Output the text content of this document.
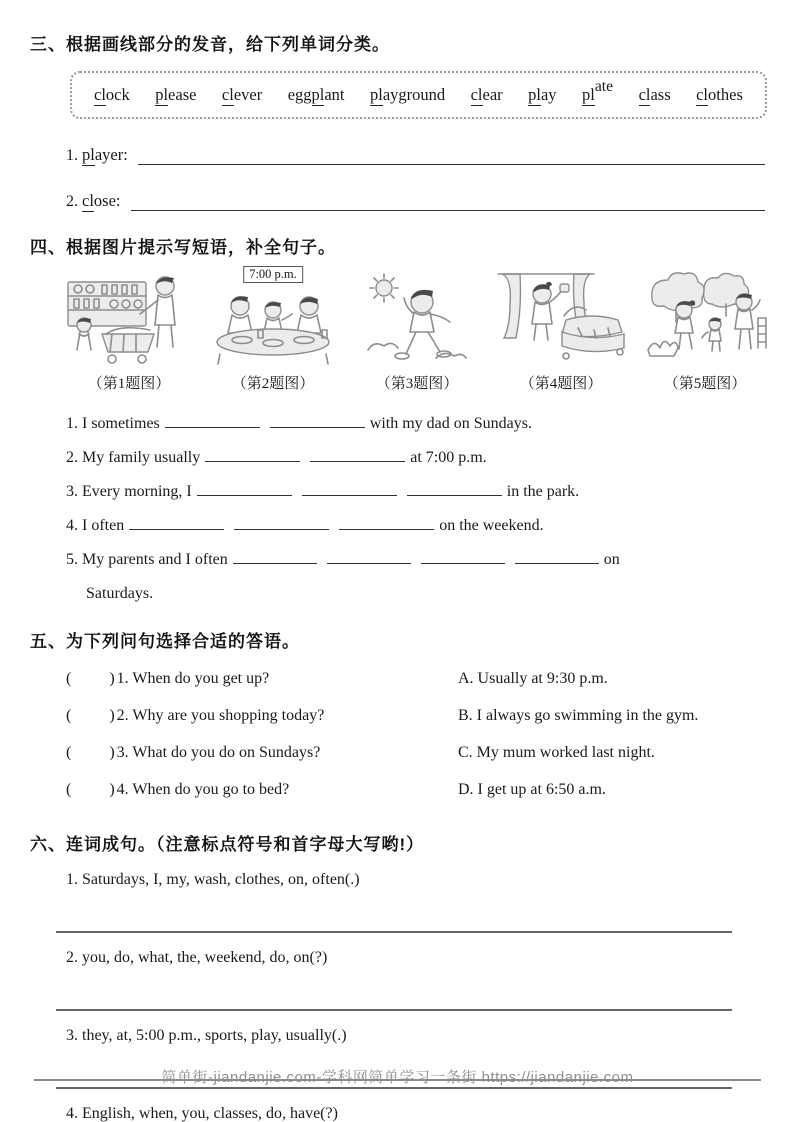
三、根据画线部分的发音，给下列单词分类。
clock please clever eggplant playground clear play plate class clothes
1. player:
2. close:
四、根据图片提示写短语，补全句子。
（第1题图）
7:00 p.m.
（第2题图）	（第3题图）	（第4题图）	（第5题图）
1. I sometimes	with my dad on Sundays.
2. My family usually	at 7:00 p.m.
3. Every morning, I	in the park.
4. I often	on the weekend.
5. My parents and I often	on
Saturdays.
五、为下列问句选择合适的答语。
(   )1. When do you get up?	A. Usually at 9:30 p.m.
(   )2. Why are you shopping today?	B. I always go swimming in the gym.
(   )3. What do you do on Sundays?	C. My mum worked last night.
(   )4. When do you go to bed?	D. I get up at 6:50 a.m.
六、连词成句。（注意标点符号和首字母大写哟!）
1. Saturdays, I, my, wash, clothes, on, often(.)
2. you, do, what, the, weekend, do, on(?)
3. they, at, 5:00 p.m., sports, play, usually(.)
4. English, when, you, classes, do, have(?)
简单街-jiandanjie.com-学科网简单学习一条街 https://jiandanjie.com
